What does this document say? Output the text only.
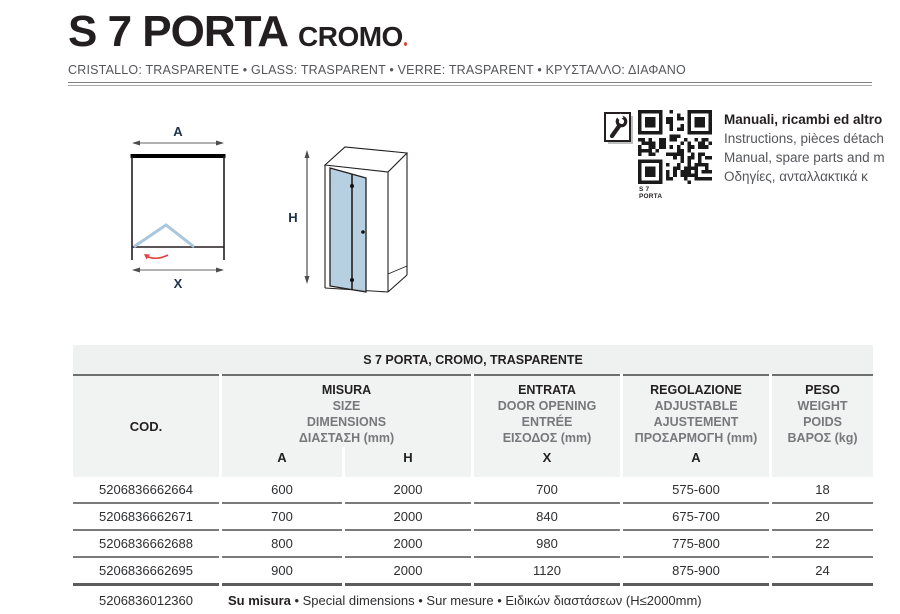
S 7 PORTA CROMO
CRISTALLO: TRASPARENTE • GLASS: TRASPARENT • VERRE: TRASPARENT • ΚΡΥΣΤΑΛΛΟ: ΔΙΑΦΑΝΟ
A
X
H
S 7 PORTA
Manuali, ricambi ed altro
Instructions, pièces détach
Manual, spare parts and m
Οδηγίες, ανταλλακτικά κ
S 7 PORTA, CROMO, TRASPARENTE					
COD.	
MISURA
SIZE
DIMENSIONS
ΔΙΑΣΤΑΣΗ (mm)

ENTRATA
DOOR OPENING
ENTRÉE
ΕΙΣΟΔΟΣ (mm)

REGOLAZIONE
ADJUSTABLE
AJUSTEMENT
ΠΡΟΣΑΡΜΟΓΗ (mm)

PESO
WEIGHT
POIDS
ΒΑΡΟΣ (kg)

	A	H	X	A	
5206836662664	600	2000	700	575-600	18
5206836662671	700	2000	840	675-700	20
5206836662688	800	2000	980	775-800	22
5206836662695	900	2000	1120	875-900	24
5206836012360	Su misura • Special dimensions • Sur mesure • Ειδικών διαστάσεων (H≤2000mm)				
